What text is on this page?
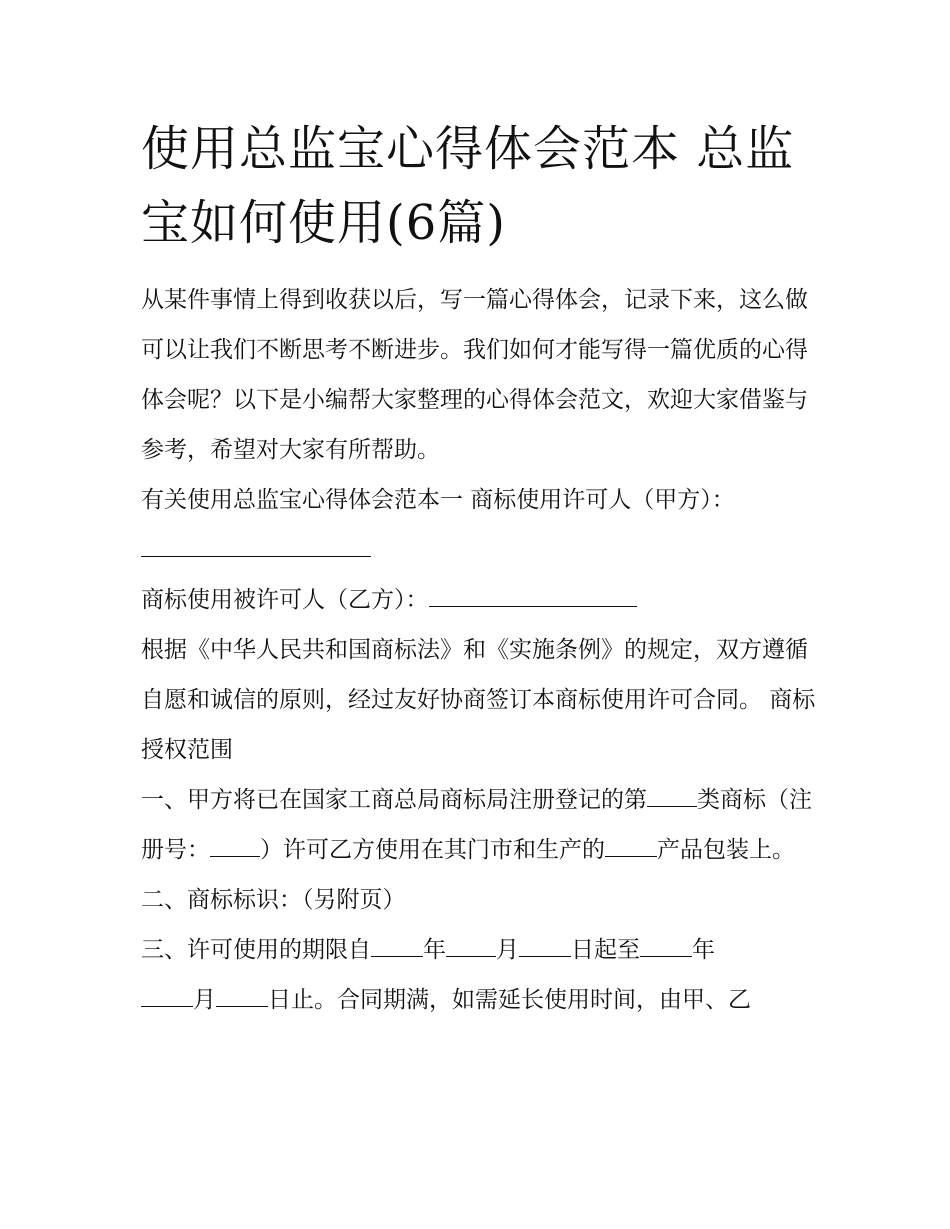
使用总监宝心得体会范本 总监宝如何使用(6篇)

从某件事情上得到收获以后，写一篇心得体会，记录下来，这么做可以让我们不断思考不断进步。我们如何才能写得一篇优质的心得体会呢？以下是小编帮大家整理的心得体会范文，欢迎大家借鉴与参考，希望对大家有所帮助。

有关使用总监宝心得体会范本一 商标使用许可人（甲方）：

商标使用被许可人（乙方）：

根据《中华人民共和国商标法》和《实施条例》的规定，双方遵循自愿和诚信的原则，经过友好协商签订本商标使用许可合同。 商标授权范围

一、甲方将已在国家工商总局商标局注册登记的第 类商标（注册号： ）许可乙方使用在其门市和生产的 产品包装上。

二、商标标识：（另附页）

三、许可使用的期限自 年 月 日起至 年
月 日止。合同期满，如需延长使用时间，由甲、乙
